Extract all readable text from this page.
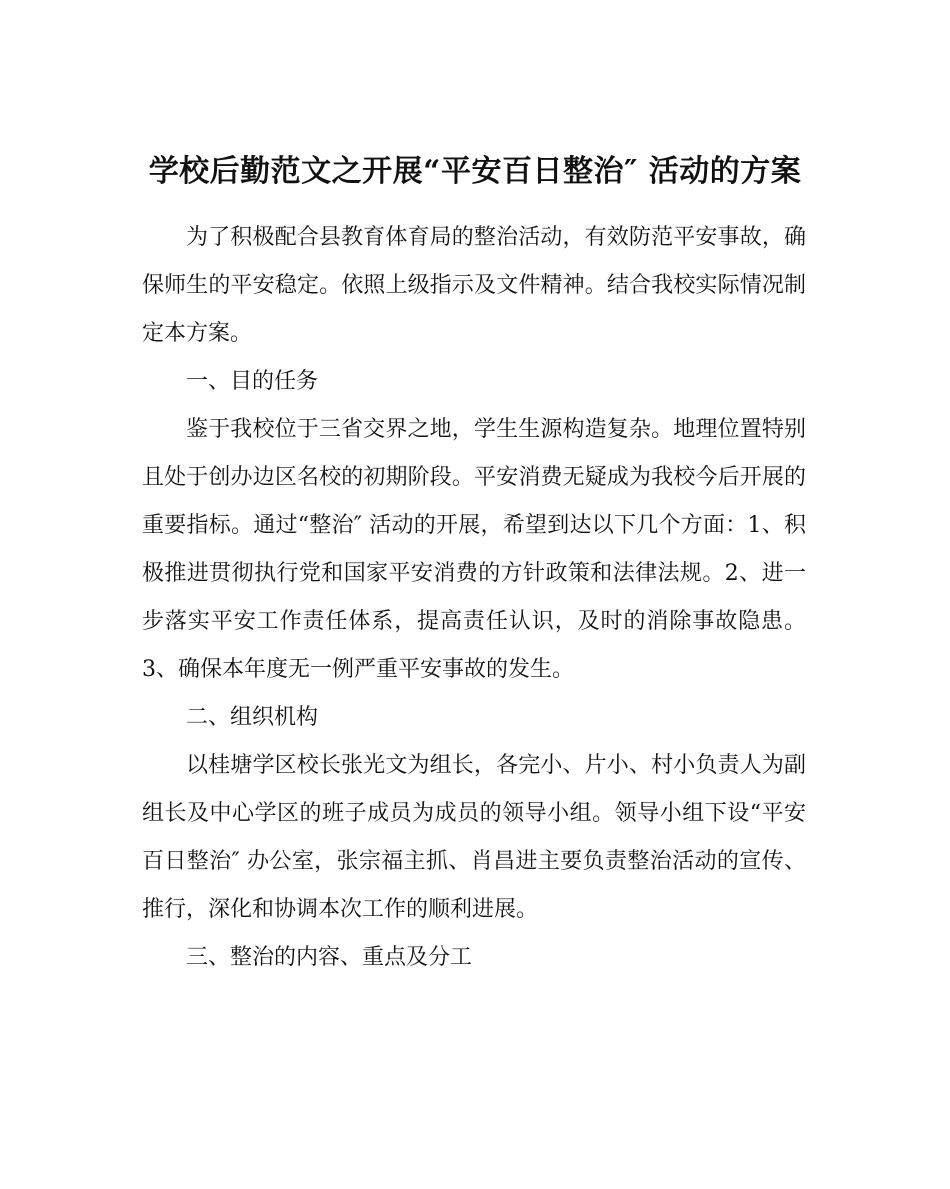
学校后勤范文之开展“平安百日整治″ 活动的方案

为了积极配合县教育体育局的整治活动，有效防范平安事故，确保师生的平安稳定。依照上级指示及文件精神。结合我校实际情况制定本方案。

一、目的任务

鉴于我校位于三省交界之地，学生生源构造复杂。地理位置特别且处于创办边区名校的初期阶段。平安消费无疑成为我校今后开展的重要指标。通过“整治″ 活动的开展，希望到达以下几个方面：1、积极推进贯彻执行党和国家平安消费的方针政策和法律法规。2、进一步落实平安工作责任体系，提高责任认识，及时的消除事故隐患。3、确保本年度无一例严重平安事故的发生。

二、组织机构

以桂塘学区校长张光文为组长，各完小、片小、村小负责人为副组长及中心学区的班子成员为成员的领导小组。领导小组下设“平安百日整治″ 办公室，张宗福主抓、肖昌进主要负责整治活动的宣传、推行，深化和协调本次工作的顺利进展。

三、整治的内容、重点及分工
